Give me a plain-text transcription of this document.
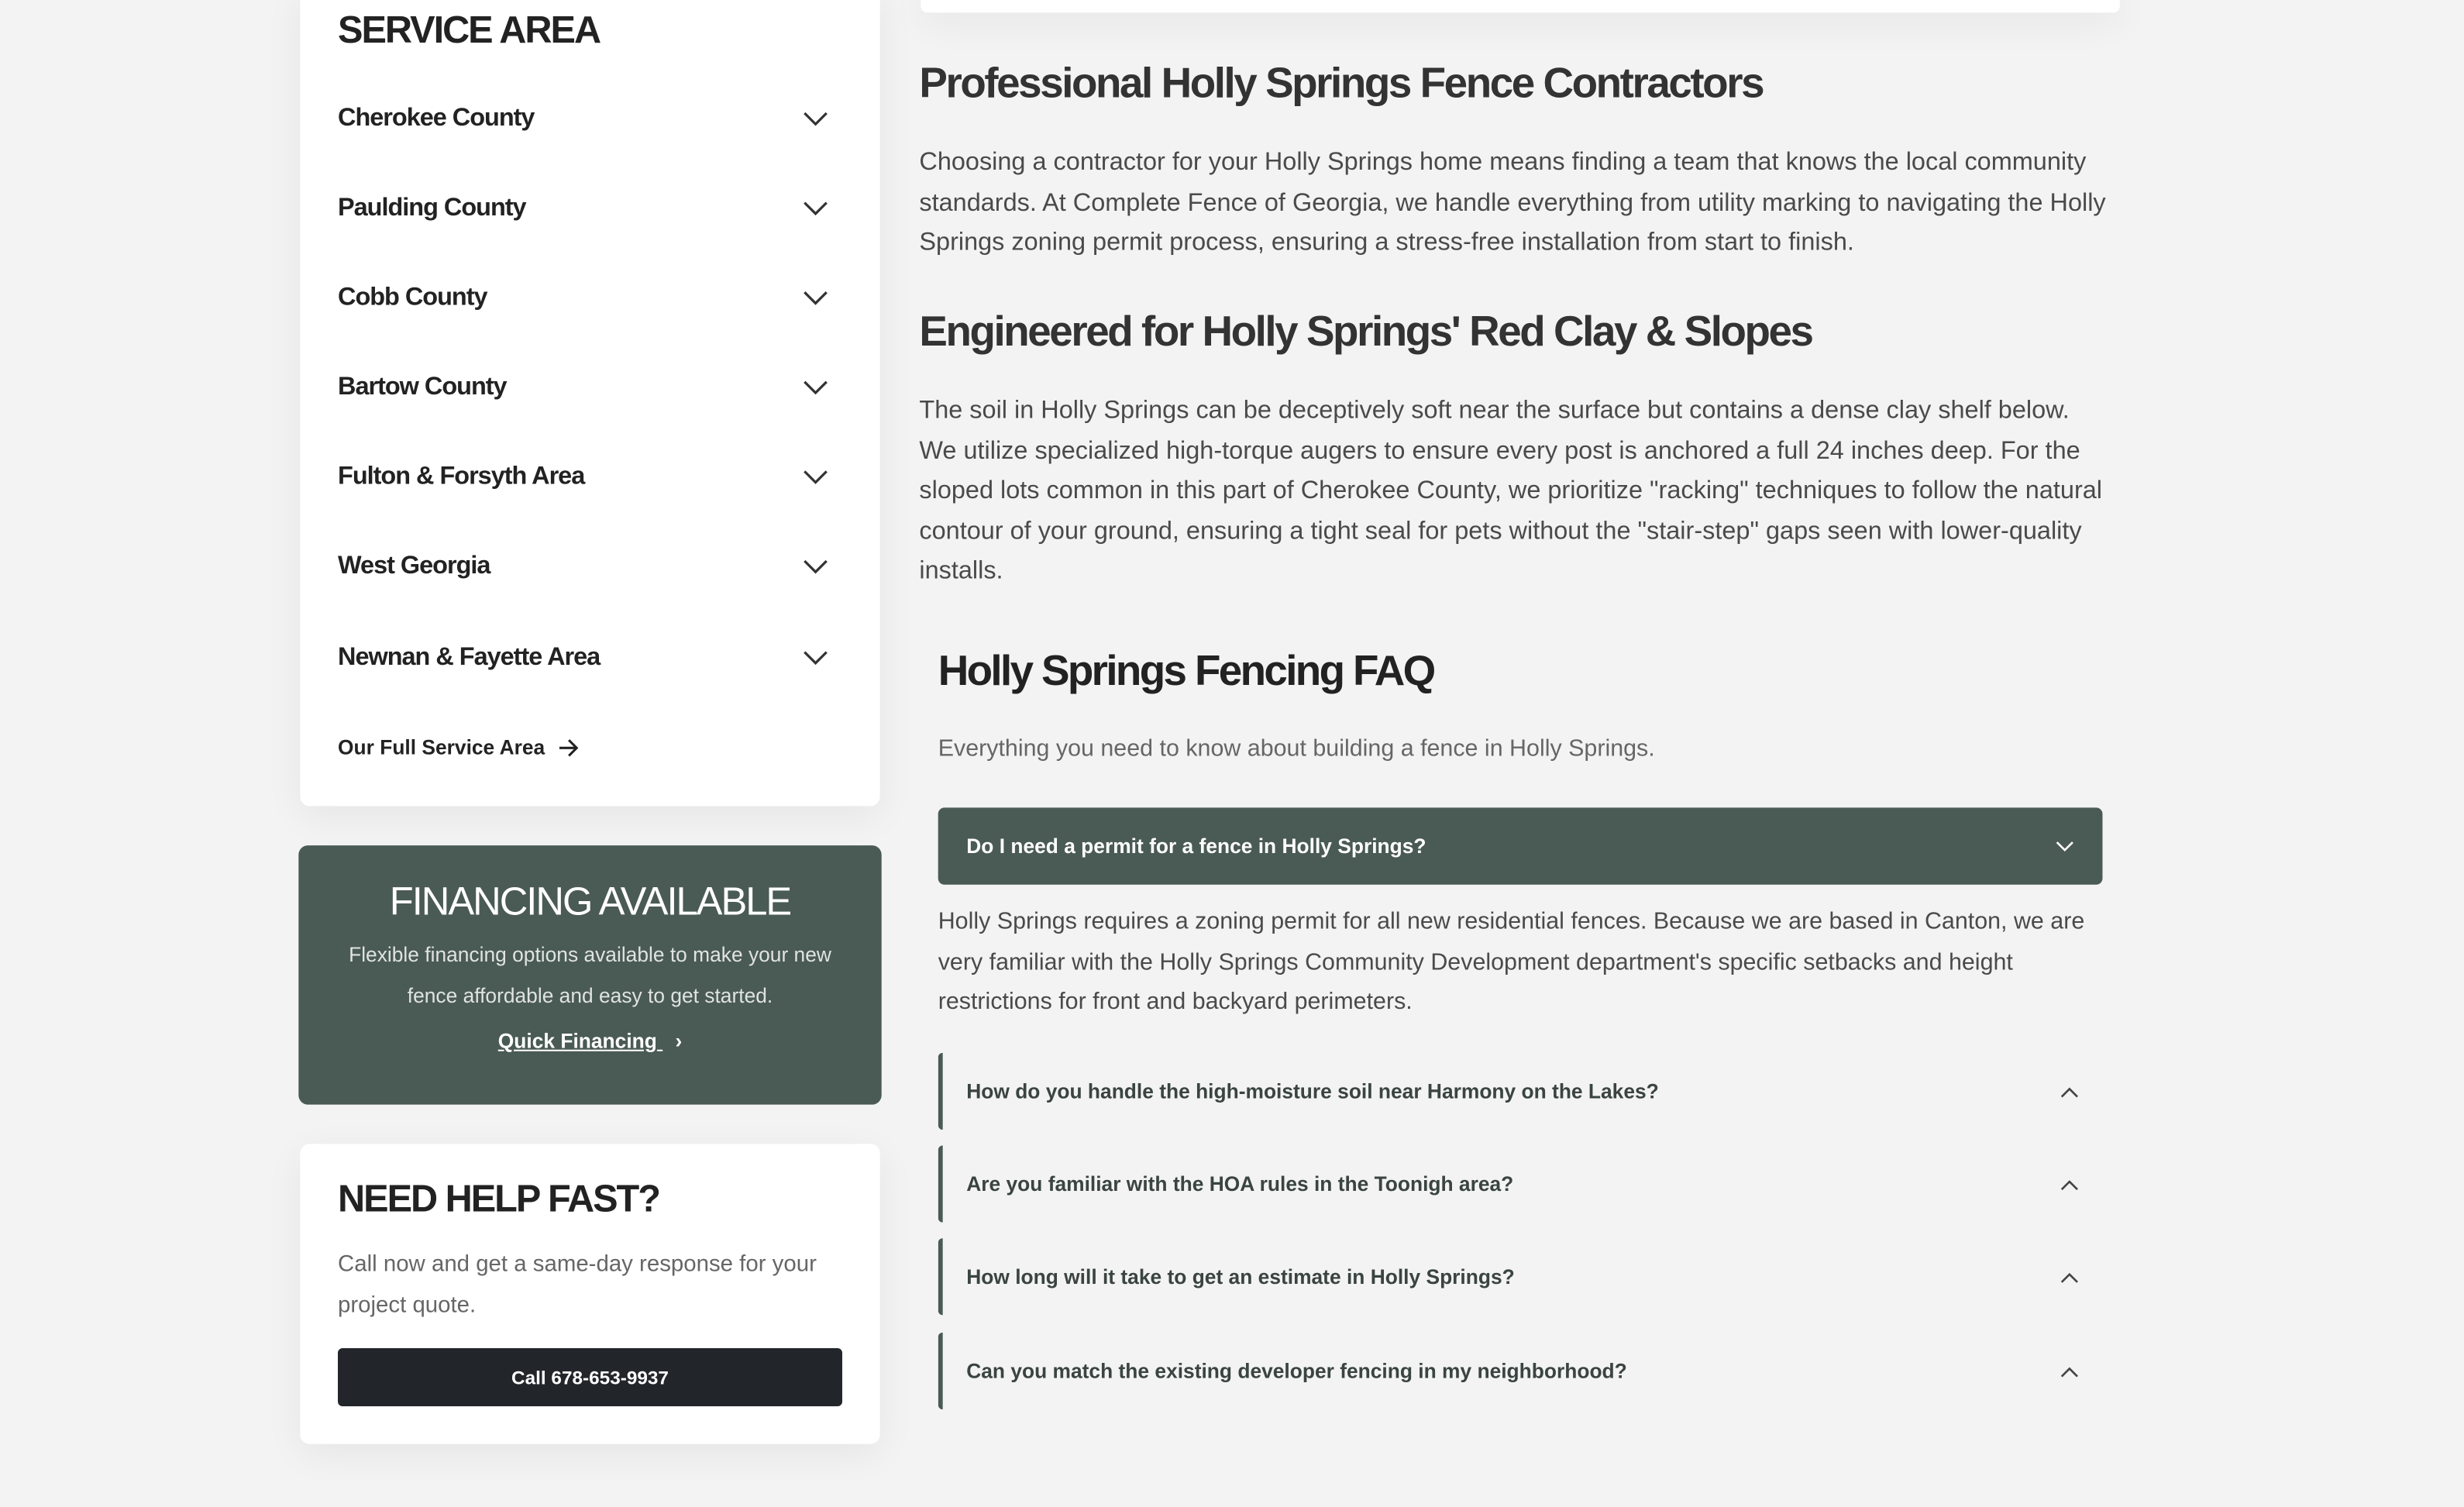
SERVICE AREA
Cherokee County
Paulding County
Cobb County
Bartow County
Fulton & Forsyth Area
West Georgia
Newnan & Fayette Area
Our Full Service Area
FINANCING AVAILABLE

Flexible financing options available to make your new fence affordable and easy to get started.

Quick Financing ›
NEED HELP FAST?

Call now and get a same-day response for your project quote.

Call 678-653-9937
Professional Holly Springs Fence Contractors

Choosing a contractor for your Holly Springs home means finding a team that knows the local community standards. At Complete Fence of Georgia, we handle everything from utility marking to navigating the Holly Springs zoning permit process, ensuring a stress-free installation from start to finish.

Engineered for Holly Springs' Red Clay & Slopes

The soil in Holly Springs can be deceptively soft near the surface but contains a dense clay shelf below. We utilize specialized high-torque augers to ensure every post is anchored a full 24 inches deep. For the sloped lots common in this part of Cherokee County, we prioritize "racking" techniques to follow the natural contour of your ground, ensuring a tight seal for pets without the "stair-step" gaps seen with lower-quality installs.

Holly Springs Fencing FAQ

Everything you need to know about building a fence in Holly Springs.

Do I need a permit for a fence in Holly Springs?

Holly Springs requires a zoning permit for all new residential fences. Because we are based in Canton, we are very familiar with the Holly Springs Community Development department's specific setbacks and height restrictions for front and backyard perimeters.

How do you handle the high-moisture soil near Harmony on the Lakes?
Are you familiar with the HOA rules in the Toonigh area?
How long will it take to get an estimate in Holly Springs?
Can you match the existing developer fencing in my neighborhood?
